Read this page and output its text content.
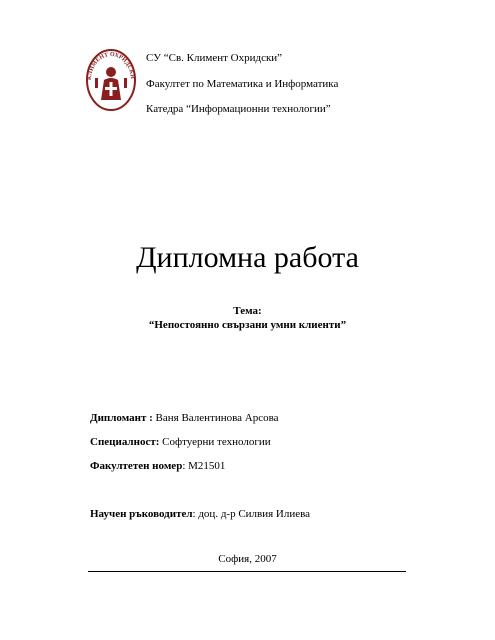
КЛИМЕНТ ОХРИДСКИ
СУ “Св. Климент Охридски”
Факултет по Математика и Информатика
Катедра “Информационни технологии”
Дипломна работа
Тема:
“Непостоянно свързани умни клиенти”
Дипломант : Ваня Валентинова Арсова
Специалност: Софтуерни технологии
Факултетен номер: M21501
Научен ръководител: доц. д-р Силвия Илиева
София, 2007
